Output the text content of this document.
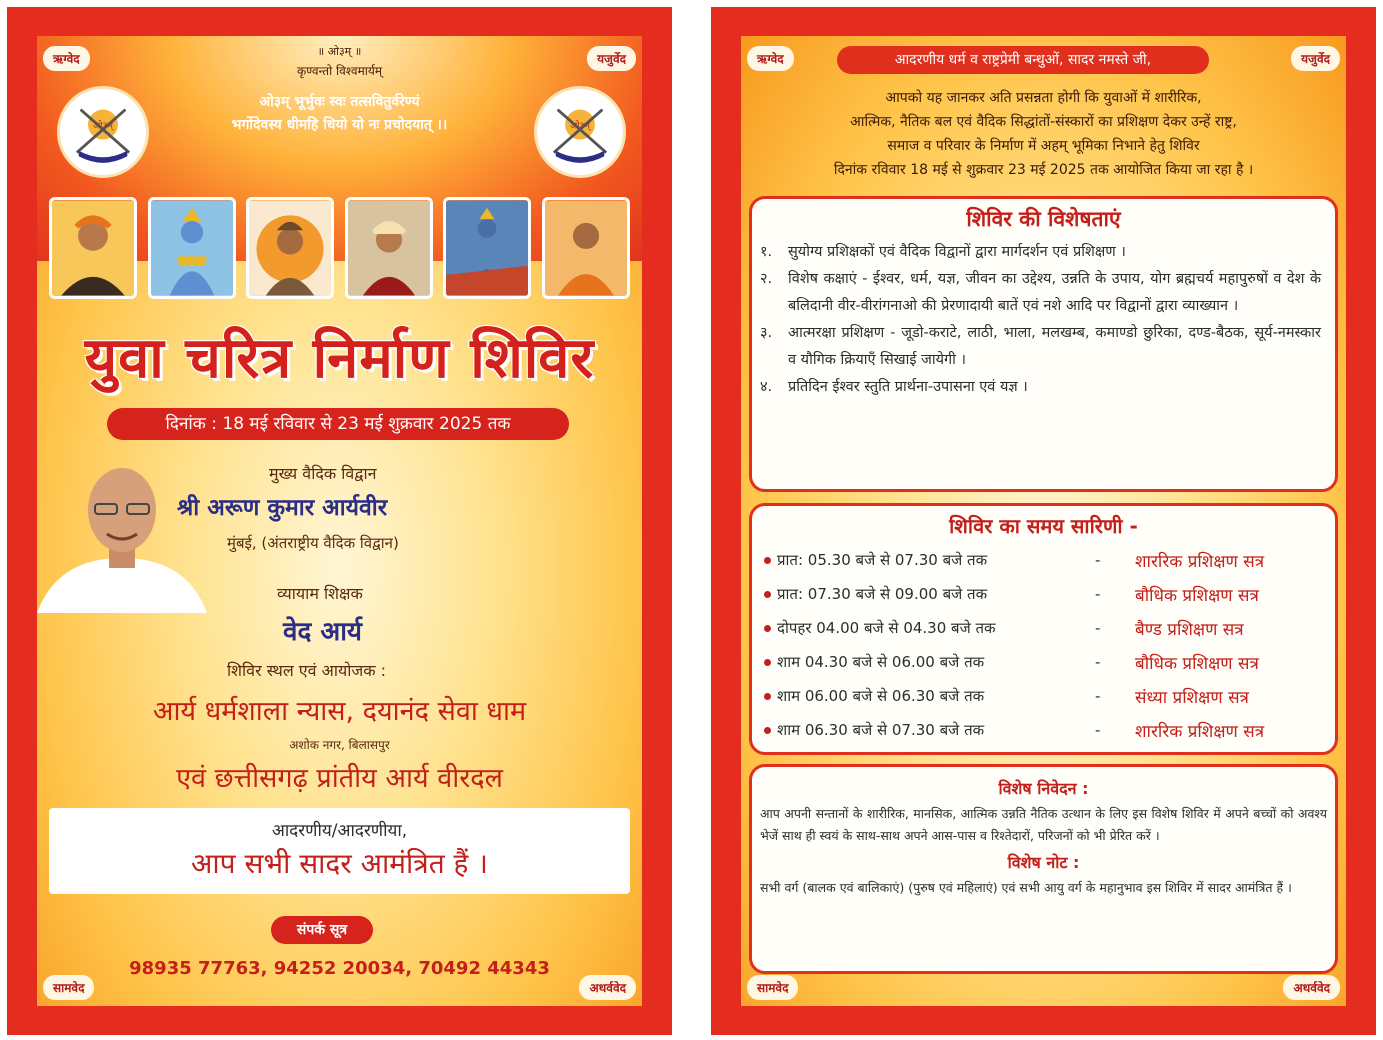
ऋग्वेद	यजुर्वेद
सामवेद	अथर्ववेद
॥ ओ३म् ॥
कृण्वन्तो विश्वमार्यम्
ओ३म् भूर्भुवः स्वः तत्सवितुर्वरेण्यं
भर्गोदेवस्य धीमहि धियो यो नः प्रचोदयात् ।।
ओ३म्	ओ३म्
युवा चरित्र निर्माण शिविर
दिनांक : 18 मई रविवार से 23 मई शुक्रवार 2025 तक
मुख्य वैदिक विद्वान
श्री अरूण कुमार आर्यवीर
मुंबई, (अंतराष्ट्रीय वैदिक विद्वान)
व्यायाम शिक्षक
वेद आर्य
शिविर स्थल एवं आयोजक :
आर्य धर्मशाला न्यास, दयानंद सेवा धाम
अशोक नगर, बिलासपुर
एवं छत्तीसगढ़ प्रांतीय आर्य वीरदल
आदरणीय/आदरणीया,
आप सभी सादर आमंत्रित हैं ।
संपर्क सूत्र
98935 77763, 94252 20034, 70492 44343
ऋग्वेद	यजुर्वेद
सामवेद	अथर्ववेद
आदरणीय धर्म व राष्ट्रप्रेमी बन्धुओं, सादर नमस्ते जी,
आपको यह जानकर अति प्रसन्नता होगी कि युवाओं में शारीरिक,
आत्मिक, नैतिक बल एवं वैदिक सिद्धांतों-संस्कारों का प्रशिक्षण देकर उन्हें राष्ट्र,
समाज व परिवार के निर्माण में अहम् भूमिका निभाने हेतु शिविर
दिनांक रविवार 18 मई से शुक्रवार 23 मई 2025 तक आयोजित किया जा रहा है ।
शिविर की विशेषताएं
१.	सुयोग्य प्रशिक्षकों एवं वैदिक विद्वानों द्वारा मार्गदर्शन एवं प्रशिक्षण ।
२.	विशेष कक्षाएं - ईश्वर, धर्म, यज्ञ, जीवन का उद्देश्य, उन्नति के उपाय, योग ब्रह्मचर्य महापुरुषों व देश के बलिदानी वीर-वीरांगनाओ की प्रेरणादायी बातें एवं नशे आदि पर विद्वानों द्वारा व्याख्यान ।
३.	आत्मरक्षा प्रशिक्षण - जूडो-कराटे, लाठी, भाला, मलखम्ब, कमाण्डो छुरिका, दण्ड-बैठक, सूर्य-नमस्कार व यौगिक क्रियाएँ सिखाई जायेगी ।
४.	प्रतिदिन ईश्वर स्तुति प्रार्थना-उपासना एवं यज्ञ ।
शिविर का समय सारिणी -
प्रात: 05.30 बजे से 07.30 बजे तक	-	शाररिक प्रशिक्षण सत्र
प्रात: 07.30 बजे से 09.00 बजे तक	-	बौधिक प्रशिक्षण सत्र
दोपहर 04.00 बजे से 04.30 बजे तक	-	बैण्ड प्रशिक्षण सत्र
शाम 04.30 बजे से 06.00 बजे तक	-	बौधिक प्रशिक्षण सत्र
शाम 06.00 बजे से 06.30 बजे तक	-	संध्या प्रशिक्षण सत्र
शाम 06.30 बजे से 07.30 बजे तक	-	शाररिक प्रशिक्षण सत्र
विशेष निवेदन :
आप अपनी सन्तानों के शारीरिक, मानसिक, आत्मिक उन्नति नैतिक उत्थान के लिए इस विशेष शिविर में अपने बच्चों को अवश्य भेजें साथ ही स्वयं के साथ-साथ अपने आस-पास व रिश्तेदारों, परिजनों को भी प्रेरित करें ।
विशेष नोट :
सभी वर्ग (बालक एवं बालिकाएं) (पुरुष एवं महिलाएं) एवं सभी आयु वर्ग के महानुभाव इस शिविर में सादर आमंत्रित हैं ।
